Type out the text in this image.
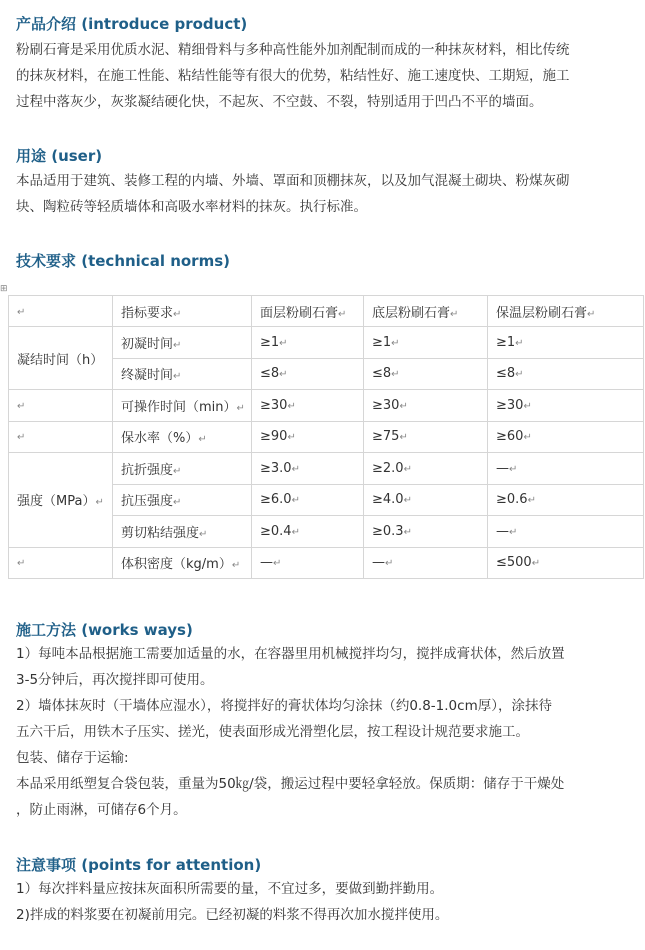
产品介绍 (introduce product)
粉刷石膏是采用优质水泥、精细骨料与多种高性能外加剂配制而成的一种抹灰材料，相比传统
的抹灰材料，在施工性能、粘结性能等有很大的优势，粘结性好、施工速度快、工期短，施工
过程中落灰少，灰浆凝结硬化快，不起灰、不空鼓、不裂，特别适用于凹凸不平的墙面。
用途 (user)
本品适用于建筑、装修工程的内墙、外墙、罩面和顶棚抹灰，以及加气混凝土砌块、粉煤灰砌
块、陶粒砖等轻质墙体和高吸水率材料的抹灰。执行标准。
技术要求 (technical norms)
⊞
↵	指标要求↵	面层粉刷石膏↵	底层粉刷石膏↵	保温层粉刷石膏↵
凝结时间（h）	初凝时间↵	≥1↵	≥1↵	≥1↵
	终凝时间↵	≤8↵	≤8↵	≤8↵
↵	可操作时间（min）↵	≥30↵	≥30↵	≥30↵
↵	保水率（%）↵	≥90↵	≥75↵	≥60↵
强度（MPa）↵	抗折强度↵	≥3.0↵	≥2.0↵	—↵
	抗压强度↵	≥6.0↵	≥4.0↵	≥0.6↵
	剪切粘结强度↵	≥0.4↵	≥0.3↵	—↵
↵	体积密度（kg/m）↵	—↵	—↵	≤500↵
施工方法 (works ways)
1）每吨本品根据施工需要加适量的水，在容器里用机械搅拌均匀，搅拌成膏状体，然后放置
3-5分钟后，再次搅拌即可使用。
2）墙体抹灰时（干墙体应湿水），将搅拌好的膏状体均匀涂抹（约0.8-1.0cm厚），涂抹待
五六干后，用铁木子压实、搓光，使表面形成光滑塑化层，按工程设计规范要求施工。
包装、储存于运输:
本品采用纸塑复合袋包装，重量为50㎏/袋，搬运过程中要轻拿轻放。保质期：储存于干燥处
，防止雨淋，可储存6个月。
注意事项 (points for attention)
1）每次拌料量应按抹灰面积所需要的量，不宜过多，要做到勤拌勤用。
2)拌成的料浆要在初凝前用完。已经初凝的料浆不得再次加水搅拌使用。
